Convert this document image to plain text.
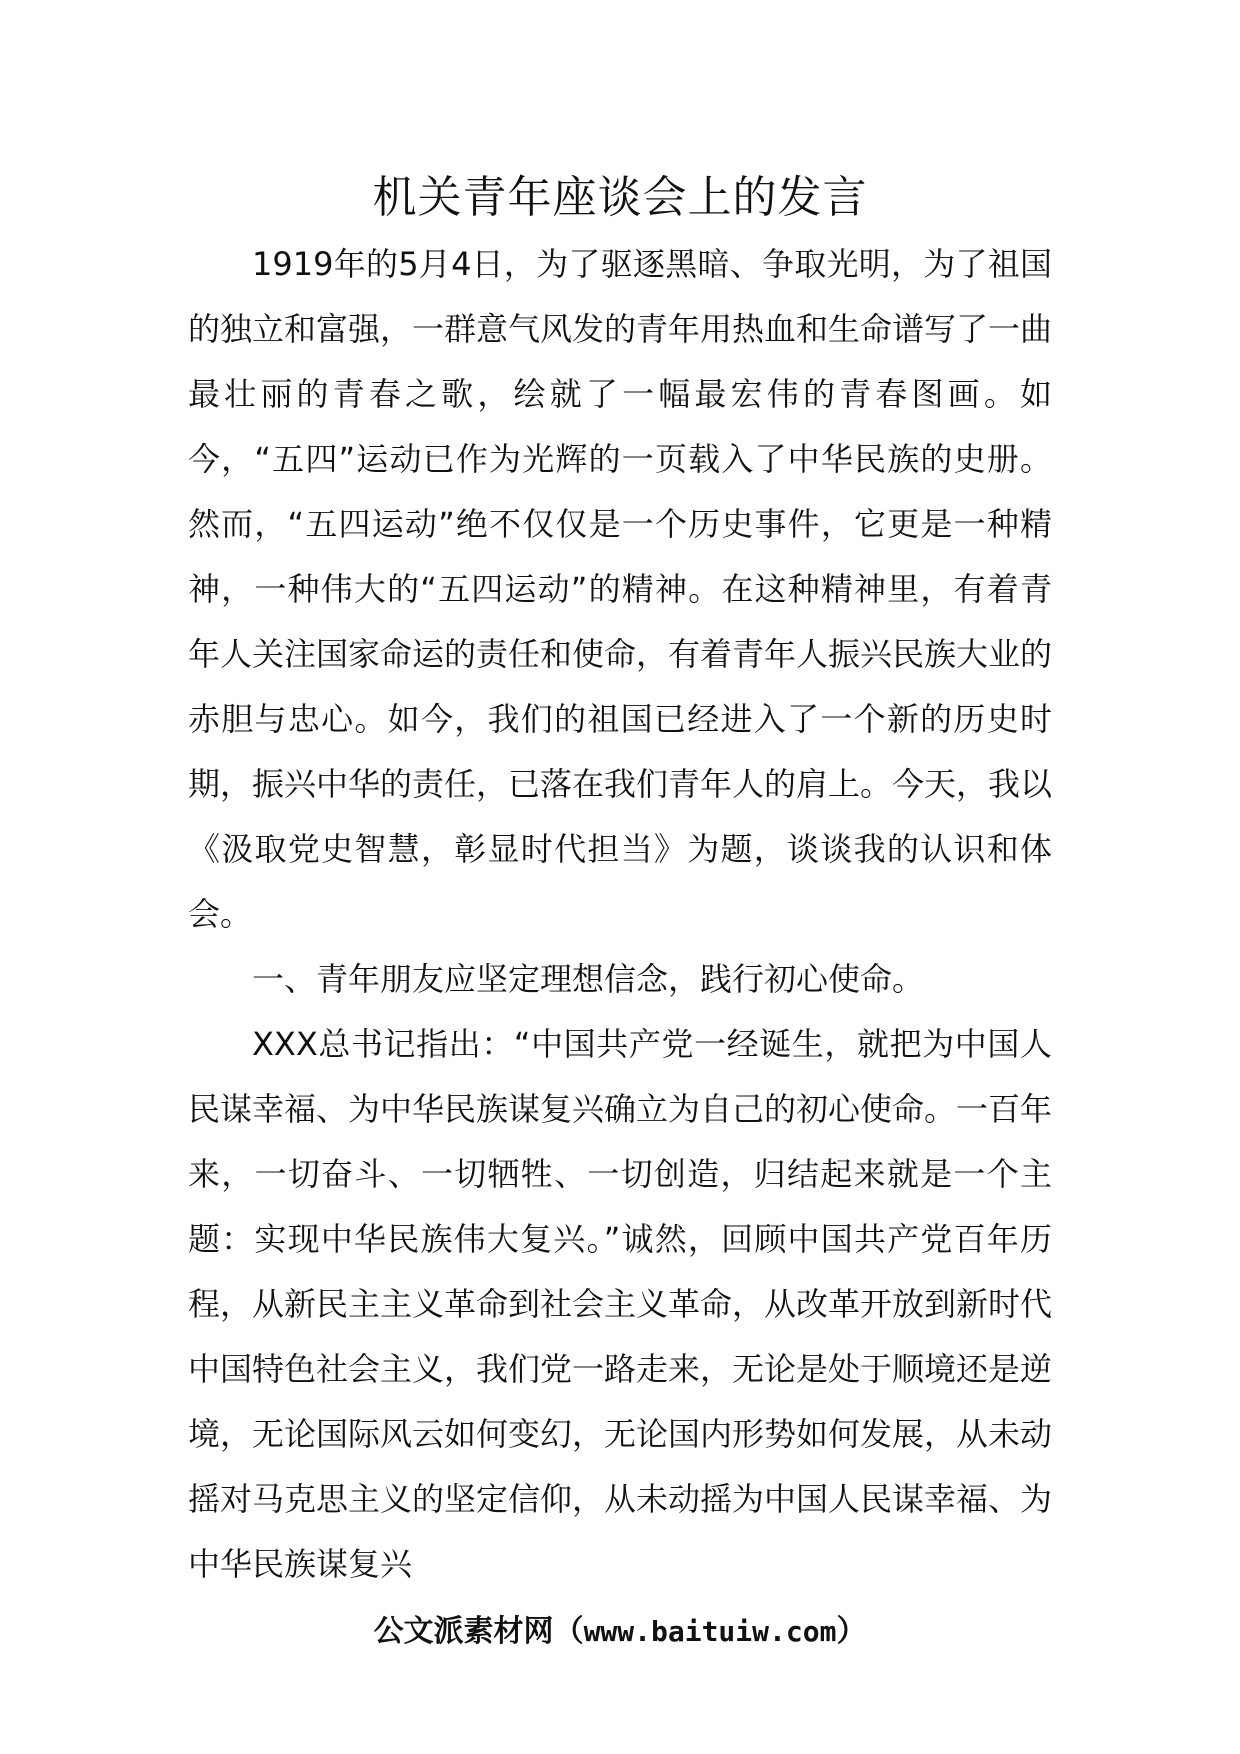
机关青年座谈会上的发言

1919年的5月4日，为了驱逐黑暗、争取光明，为了祖国的独立和富强，一群意气风发的青年用热血和生命谱写了一曲最壮丽的青春之歌，绘就了一幅最宏伟的青春图画。如今，“五四”运动已作为光辉的一页载入了中华民族的史册。然而，“五四运动”绝不仅仅是一个历史事件，它更是一种精神，一种伟大的“五四运动”的精神。在这种精神里，有着青年人关注国家命运的责任和使命，有着青年人振兴民族大业的赤胆与忠心。如今，我们的祖国已经进入了一个新的历史时期，振兴中华的责任，已落在我们青年人的肩上。今天，我以《汲取党史智慧，彰显时代担当》为题，谈谈我的认识和体会。

一、青年朋友应坚定理想信念，践行初心使命。

XXX总书记指出：“中国共产党一经诞生，就把为中国人民谋幸福、为中华民族谋复兴确立为自己的初心使命。一百年来，一切奋斗、一切牺牲、一切创造，归结起来就是一个主题：实现中华民族伟大复兴。”诚然，回顾中国共产党百年历程，从新民主主义革命到社会主义革命，从改革开放到新时代中国特色社会主义，我们党一路走来，无论是处于顺境还是逆境，无论国际风云如何变幻，无论国内形势如何发展，从未动摇对马克思主义的坚定信仰，从未动摇为中国人民谋幸福、为中华民族谋复兴

公文派素材网（www.baituiw.com）
